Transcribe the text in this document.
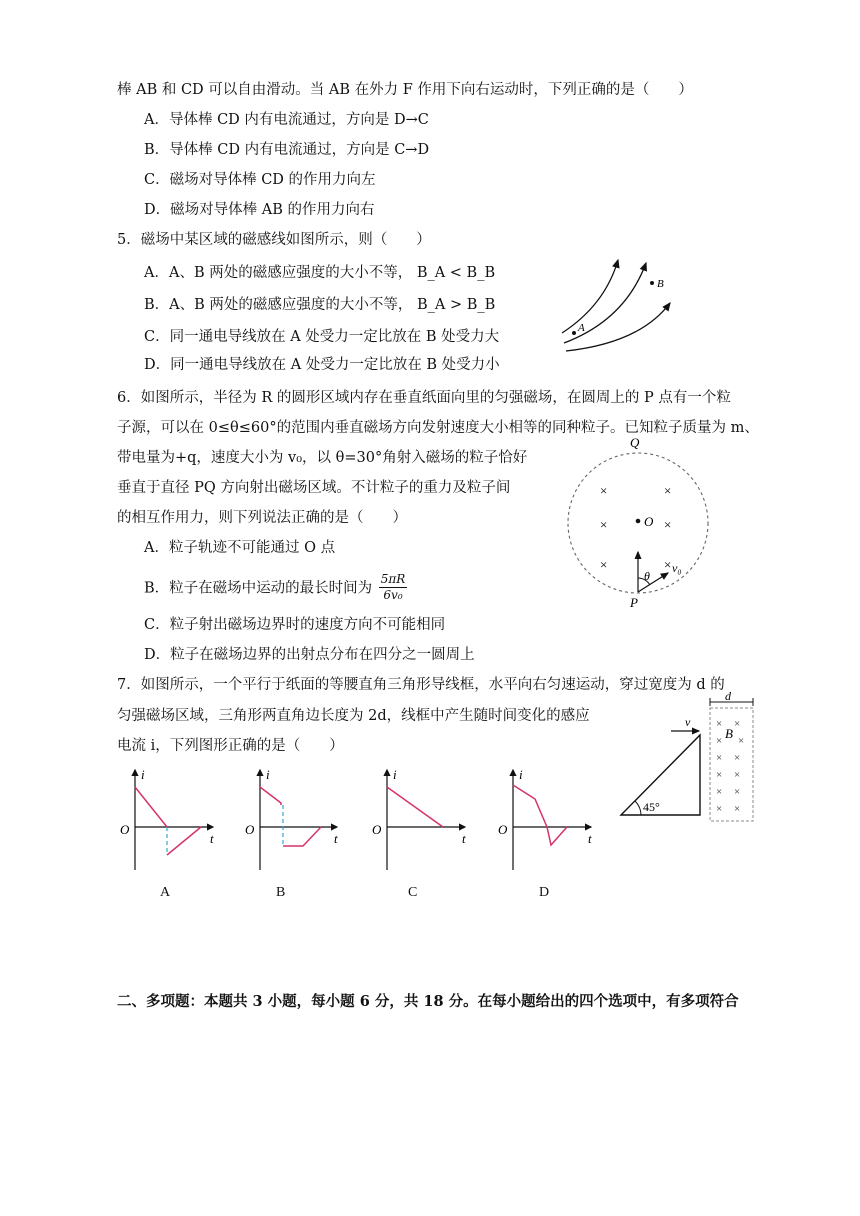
棒 AB 和 CD 可以自由滑动。当 AB 在外力 F 作用下向右运动时，下列正确的是（　　）
A．导体棒 CD 内有电流通过，方向是 D→C
B．导体棒 CD 内有电流通过，方向是 C→D
C．磁场对导体棒 CD 的作用力向左
D．磁场对导体棒 AB 的作用力向右
5．磁场中某区域的磁感线如图所示，则（　　）
A．A、B 两处的磁感应强度的大小不等， B_A < B_B
B．A、B 两处的磁感应强度的大小不等， B_A > B_B
C．同一通电导线放在 A 处受力一定比放在 B 处受力大
D．同一通电导线放在 A 处受力一定比放在 B 处受力小
A
B
6．如图所示，半径为 R 的圆形区域内存在垂直纸面向里的匀强磁场，在圆周上的 P 点有一个粒
子源，可以在 0≤θ≤60°的范围内垂直磁场方向发射速度大小相等的同种粒子。已知粒子质量为 m、
带电量为+q，速度大小为 v₀，以 θ=30°角射入磁场的粒子恰好
垂直于直径 PQ 方向射出磁场区域。不计粒子的重力及粒子间
的相互作用力，则下列说法正确的是（　　）
A．粒子轨迹不可能通过 O 点
B．粒子在磁场中运动的最长时间为 $\frac{5\pi R}{\text{6v₀}}$
C．粒子射出磁场边界时的速度方向不可能相同
D．粒子在磁场边界的出射点分布在四分之一圆周上
Q
O
×	×
×	×
×	×
θ
v₀
P
7．如图所示，一个平行于纸面的等腰直角三角形导线框，水平向右匀速运动，穿过宽度为 d 的
匀强磁场区域，三角形两直角边长度为 2d，线框中产生随时间变化的感应
电流 i，下列图形正确的是（　　）
45°
v
d
B
× ×
× ×
× ×
× ×
× ×
× ×
i
O
t
i
O
t
i
O
t
i
O
t
A	B	C	D
二、多项题：本题共 3 小题，每小题 6 分，共 18 分。在每小题给出的四个选项中，有多项符合
